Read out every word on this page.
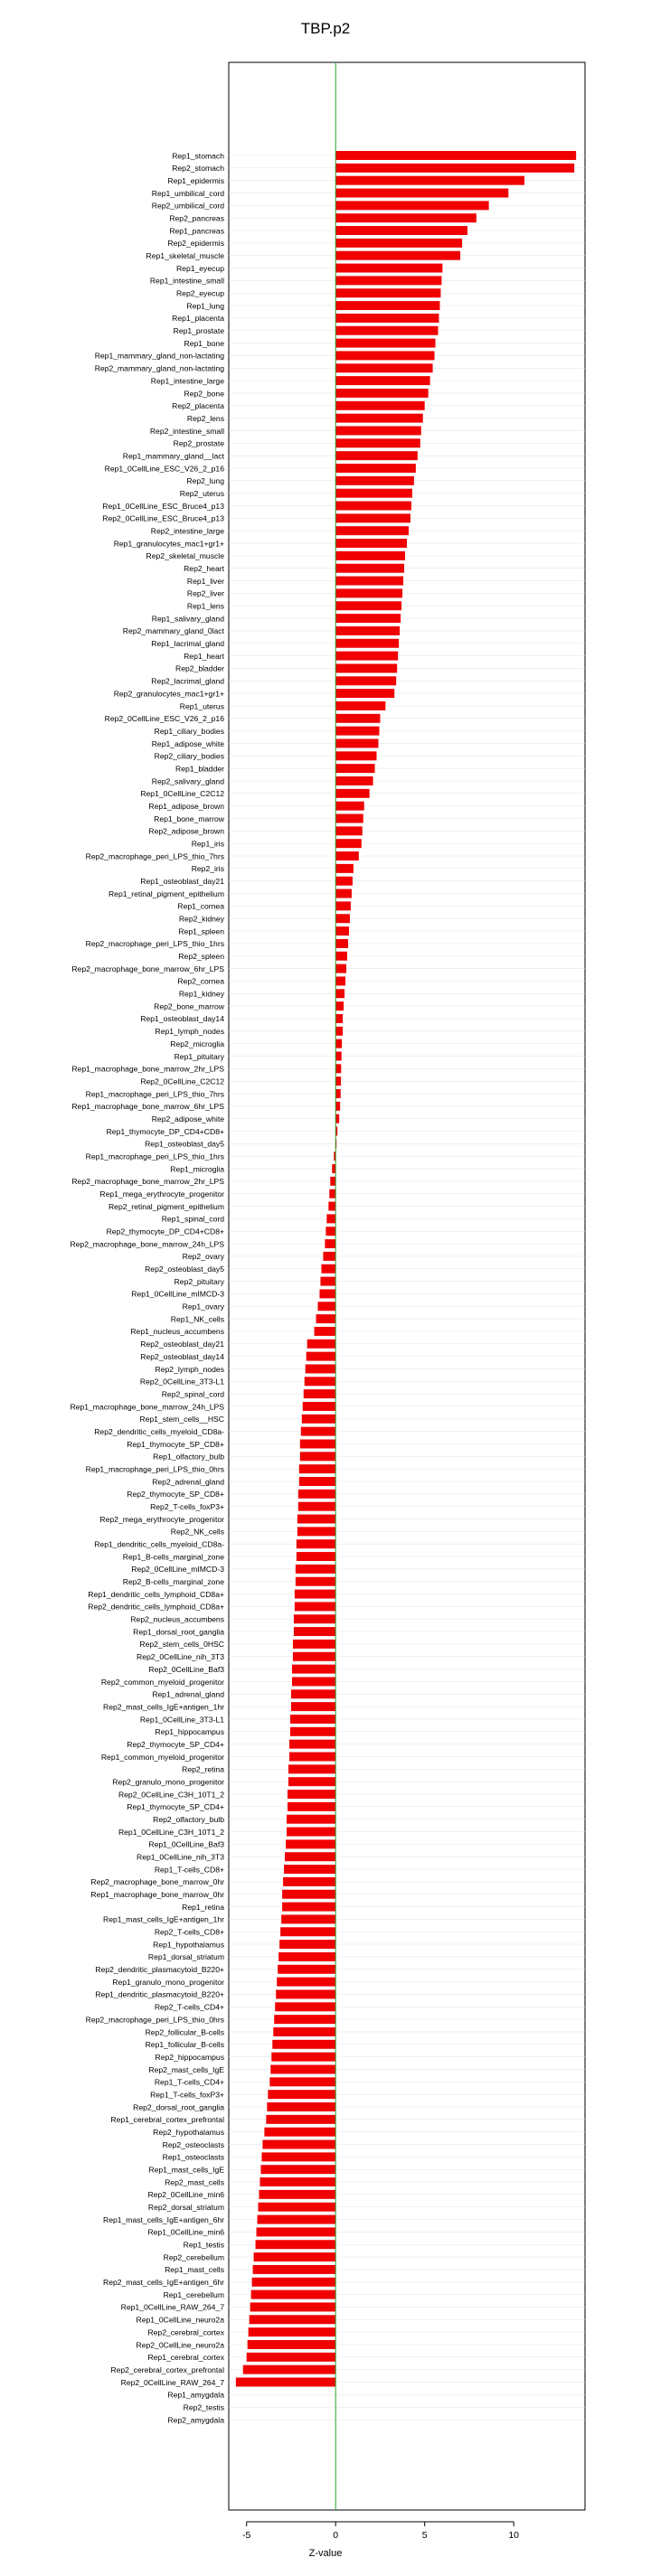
TBP.p2
Rep1_stomach
Rep2_stomach
Rep1_epidermis
Rep1_umbilical_cord
Rep2_umbilical_cord
Rep2_pancreas
Rep1_pancreas
Rep2_epidermis
Rep1_skeletal_muscle
Rep1_eyecup
Rep1_intestine_small
Rep2_eyecup
Rep1_lung
Rep1_placenta
Rep1_prostate
Rep1_bone
Rep1_mammary_gland_non-lactating
Rep2_mammary_gland_non-lactating
Rep1_intestine_large
Rep2_bone
Rep2_placenta
Rep2_lens
Rep2_intestine_small
Rep2_prostate
Rep1_mammary_gland__lact
Rep1_0CellLine_ESC_V26_2_p16
Rep2_lung
Rep2_uterus
Rep1_0CellLine_ESC_Bruce4_p13
Rep2_0CellLine_ESC_Bruce4_p13
Rep2_intestine_large
Rep1_granulocytes_mac1+gr1+
Rep2_skeletal_muscle
Rep2_heart
Rep1_liver
Rep2_liver
Rep1_lens
Rep1_salivary_gland
Rep2_mammary_gland_0lact
Rep1_lacrimal_gland
Rep1_heart
Rep2_bladder
Rep2_lacrimal_gland
Rep2_granulocytes_mac1+gr1+
Rep1_uterus
Rep2_0CellLine_ESC_V26_2_p16
Rep1_ciliary_bodies
Rep1_adipose_white
Rep2_ciliary_bodies
Rep1_bladder
Rep2_salivary_gland
Rep1_0CellLine_C2C12
Rep1_adipose_brown
Rep1_bone_marrow
Rep2_adipose_brown
Rep1_iris
Rep2_macrophage_peri_LPS_thio_7hrs
Rep2_iris
Rep1_osteoblast_day21
Rep1_retinal_pigment_epithelium
Rep1_cornea
Rep2_kidney
Rep1_spleen
Rep2_macrophage_peri_LPS_thio_1hrs
Rep2_spleen
Rep2_macrophage_bone_marrow_6hr_LPS
Rep2_cornea
Rep1_kidney
Rep2_bone_marrow
Rep1_osteoblast_day14
Rep1_lymph_nodes
Rep2_microglia
Rep1_pituitary
Rep1_macrophage_bone_marrow_2hr_LPS
Rep2_0CellLine_C2C12
Rep1_macrophage_peri_LPS_thio_7hrs
Rep1_macrophage_bone_marrow_6hr_LPS
Rep2_adipose_white
Rep1_thymocyte_DP_CD4+CD8+
Rep1_osteoblast_day5
Rep1_macrophage_peri_LPS_thio_1hrs
Rep1_microglia
Rep2_macrophage_bone_marrow_2hr_LPS
Rep1_mega_erythrocyte_progenitor
Rep2_retinal_pigment_epithelium
Rep1_spinal_cord
Rep2_thymocyte_DP_CD4+CD8+
Rep2_macrophage_bone_marrow_24h_LPS
Rep2_ovary
Rep2_osteoblast_day5
Rep2_pituitary
Rep1_0CellLine_mIMCD-3
Rep1_ovary
Rep1_NK_cells
Rep1_nucleus_accumbens
Rep2_osteoblast_day21
Rep2_osteoblast_day14
Rep2_lymph_nodes
Rep2_0CellLine_3T3-L1
Rep2_spinal_cord
Rep1_macrophage_bone_marrow_24h_LPS
Rep1_stem_cells__HSC
Rep2_dendritic_cells_myeloid_CD8a-
Rep1_thymocyte_SP_CD8+
Rep1_olfactory_bulb
Rep1_macrophage_peri_LPS_thio_0hrs
Rep2_adrenal_gland
Rep2_thymocyte_SP_CD8+
Rep2_T-cells_foxP3+
Rep2_mega_erythrocyte_progenitor
Rep2_NK_cells
Rep1_dendritic_cells_myeloid_CD8a-
Rep1_B-cells_marginal_zone
Rep2_0CellLine_mIMCD-3
Rep2_B-cells_marginal_zone
Rep1_dendritic_cells_lymphoid_CD8a+
Rep2_dendritic_cells_lymphoid_CD8a+
Rep2_nucleus_accumbens
Rep1_dorsal_root_ganglia
Rep2_stem_cells_0HSC
Rep2_0CellLine_nih_3T3
Rep2_0CellLine_Baf3
Rep2_common_myeloid_progenitor
Rep1_adrenal_gland
Rep2_mast_cells_IgE+antigen_1hr
Rep1_0CellLine_3T3-L1
Rep1_hippocampus
Rep2_thymocyte_SP_CD4+
Rep1_common_myeloid_progenitor
Rep2_retina
Rep2_granulo_mono_progenitor
Rep2_0CellLine_C3H_10T1_2
Rep1_thymocyte_SP_CD4+
Rep2_olfactory_bulb
Rep1_0CellLine_C3H_10T1_2
Rep1_0CellLine_Baf3
Rep1_0CellLine_nih_3T3
Rep1_T-cells_CD8+
Rep2_macrophage_bone_marrow_0hr
Rep1_macrophage_bone_marrow_0hr
Rep1_retina
Rep1_mast_cells_IgE+antigen_1hr
Rep2_T-cells_CD8+
Rep1_hypothalamus
Rep1_dorsal_striatum
Rep2_dendritic_plasmacytoid_B220+
Rep1_granulo_mono_progenitor
Rep1_dendritic_plasmacytoid_B220+
Rep2_T-cells_CD4+
Rep2_macrophage_peri_LPS_thio_0hrs
Rep2_follicular_B-cells
Rep1_follicular_B-cells
Rep2_hippocampus
Rep2_mast_cells_IgE
Rep1_T-cells_CD4+
Rep1_T-cells_foxP3+
Rep2_dorsal_root_ganglia
Rep1_cerebral_cortex_prefrontal
Rep2_hypothalamus
Rep2_osteoclasts
Rep1_osteoclasts
Rep1_mast_cells_IgE
Rep2_mast_cells
Rep2_0CellLine_min6
Rep2_dorsal_striatum
Rep1_mast_cells_IgE+antigen_6hr
Rep1_0CellLine_min6
Rep1_testis
Rep2_cerebellum
Rep1_mast_cells
Rep2_mast_cells_IgE+antigen_6hr
Rep1_cerebellum
Rep1_0CellLine_RAW_264_7
Rep1_0CellLine_neuro2a
Rep2_cerebral_cortex
Rep2_0CellLine_neuro2a
Rep1_cerebral_cortex
Rep2_cerebral_cortex_prefrontal
Rep2_0CellLine_RAW_264_7
Rep1_amygdala
Rep2_testis
Rep2_amygdala
-5	0	5	10
Z-value
